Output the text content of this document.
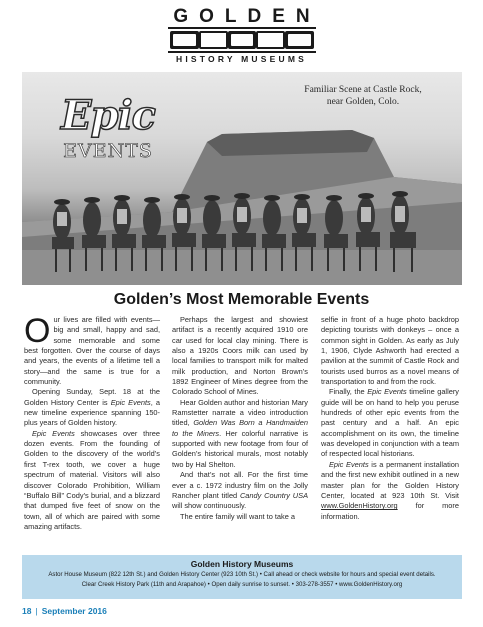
GOLDEN
HISTORY MUSEUMS
Familiar Scene at Castle Rock,
near Golden, Colo.
Epic
EVENTS
Golden’s Most Memorable Events

Our lives are filled with events— big and small, happy and sad, some memorable and some best forgotten. Over the course of days and years, the events of a lifetime tell a story—and the same is true for a community.

Opening Sunday, Sept. 18 at the Golden History Center is Epic Events, a new timeline experience spanning 150-plus years of Golden history.

Epic Events showcases over three dozen events. From the founding of Golden to the discovery of the world’s first T-rex tooth, we cover a huge spectrum of material. Visitors will also discover Colorado Prohibition, William “Buffalo Bill” Cody’s burial, and a blizzard that dumped five feet of snow on the town, all of which are paired with some amazing artifacts.

Perhaps the largest and showiest artifact is a recently acquired 1910 ore car used for local clay mining. There is also a 1920s Coors milk can used by local families to transport milk for malted milk production, and Norton Brown’s 1892 Engineer of Mines degree from the Colorado School of Mines.

Hear Golden author and historian Mary Ramstetter narrate a video introduction titled, Golden Was Born a Handmaiden to the Miners. Her colorful narrative is supported with new footage from four of Golden’s historical murals, most notably two by Hal Shelton.

And that’s not all. For the first time ever a c. 1972 industry film on the Jolly Rancher plant titled Candy Country USA will show continuously.

The entire family will want to take a

selfie in front of a huge photo backdrop depicting tourists with donkeys – once a common sight in Golden. As early as July 1, 1906, Clyde Ashworth had erected a pavilion at the summit of Castle Rock and tourists used burros as a novel means of transportation to and from the rock.

Finally, the Epic Events timeline gallery guide will be on hand to help you peruse hundreds of other epic events from the past century and a half. An epic accomplishment on its own, the timeline was developed in conjunction with a team of respected local historians.

Epic Events is a permanent installation and the first new exhibit outlined in a new master plan for the Golden History Center, located at 923 10th St. Visit www.GoldenHistory.org for more information.

Golden History Museums
Astor House Museum (822 12th St.) and Golden History Center (923 10th St.) • Call ahead or check website for hours and special event details.
Clear Creek History Park (11th and Arapahoe) • Open daily sunrise to sunset. • 303-278-3557 • www.GoldenHistory.org
18 | September 2016
